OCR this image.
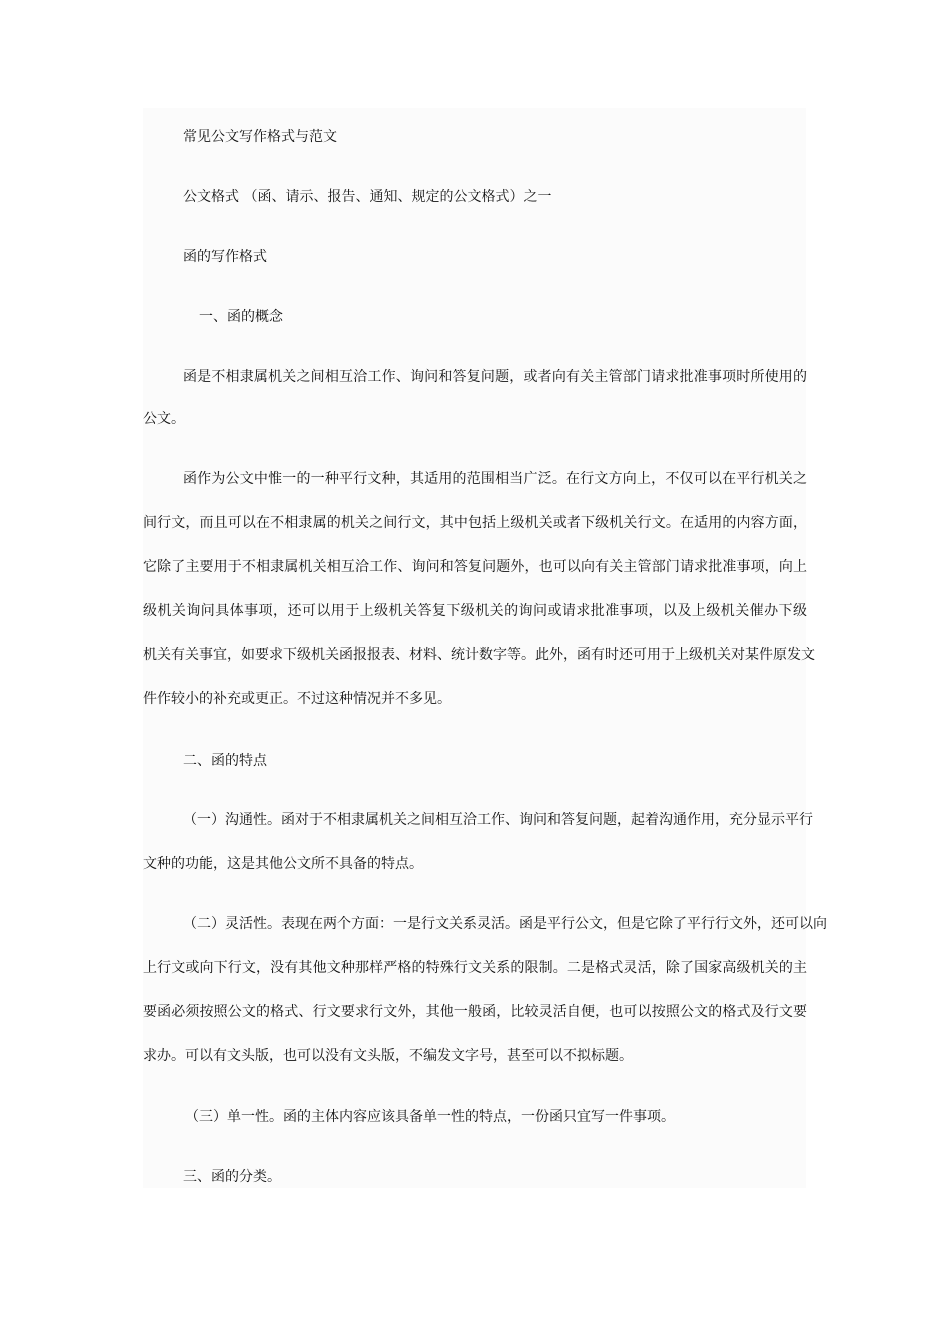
常见公文写作格式与范文

公文格式 （函、请示、报告、通知、规定的公文格式）之一

函的写作格式

一、函的概念

函是不相隶属机关之间相互洽工作、询问和答复问题，或者向有关主管部门请求批准事项时所使用的

公文。

函作为公文中惟一的一种平行文种，其适用的范围相当广泛。在行文方向上，不仅可以在平行机关之

间行文，而且可以在不相隶属的机关之间行文，其中包括上级机关或者下级机关行文。在适用的内容方面，

它除了主要用于不相隶属机关相互洽工作、询问和答复问题外，也可以向有关主管部门请求批准事项，向上

级机关询问具体事项，还可以用于上级机关答复下级机关的询问或请求批准事项，以及上级机关催办下级

机关有关事宜，如要求下级机关函报报表、材料、统计数字等。此外，函有时还可用于上级机关对某件原发文

件作较小的补充或更正。不过这种情况并不多见。

二、函的特点

（一）沟通性。函对于不相隶属机关之间相互洽工作、询问和答复问题，起着沟通作用，充分显示平行

文种的功能，这是其他公文所不具备的特点。

（二）灵活性。表现在两个方面：一是行文关系灵活。函是平行公文，但是它除了平行行文外，还可以向

上行文或向下行文，没有其他文种那样严格的特殊行文关系的限制。二是格式灵活，除了国家高级机关的主

要函必须按照公文的格式、行文要求行文外，其他一般函，比较灵活自便，也可以按照公文的格式及行文要

求办。可以有文头版，也可以没有文头版，不编发文字号，甚至可以不拟标题。

（三）单一性。函的主体内容应该具备单一性的特点，一份函只宜写一件事项。

三、函的分类。
